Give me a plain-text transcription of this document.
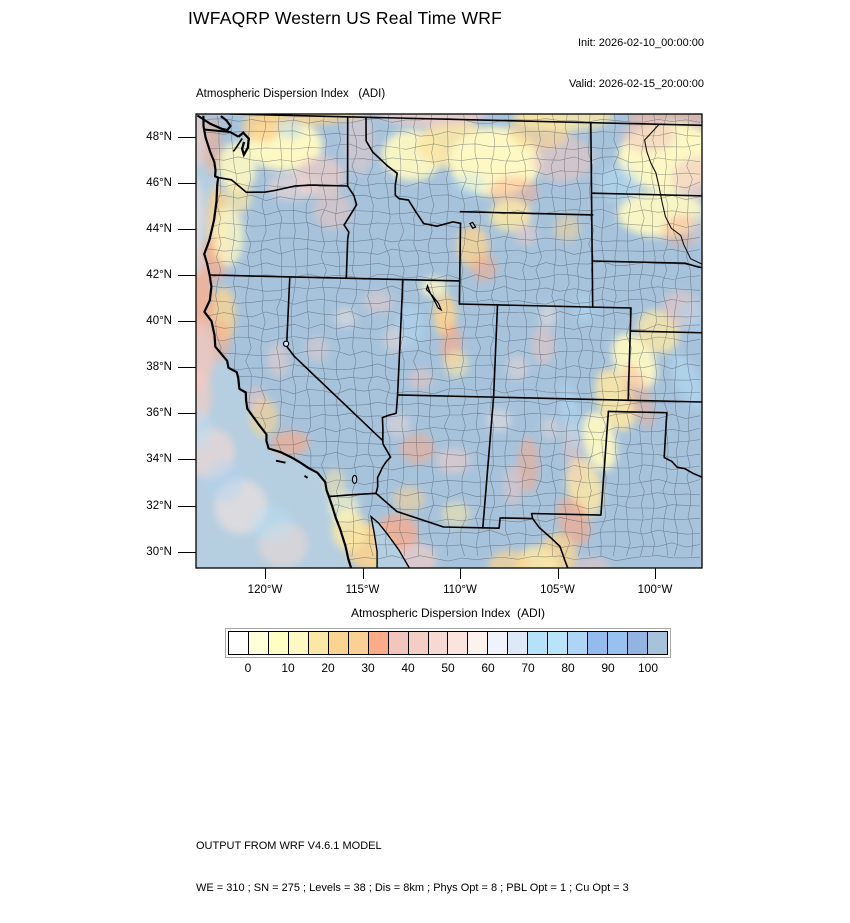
IWFAQRP Western US Real Time WRF

Init: 2026-02-10_00:00:00

Valid: 2026-02-15_20:00:00

Atmospheric Dispersion Index   (ADI)
48°N
46°N
44°N
42°N
40°N
38°N
36°N
34°N
32°N
30°N
120°W	115°W	110°W	105°W	100°W
Atmospheric Dispersion Index  (ADI)
0	10	20	30	40	50	60	70	80	90	100

OUTPUT FROM WRF V4.6.1 MODEL

WE = 310 ; SN = 275 ; Levels = 38 ; Dis = 8km ; Phys Opt = 8 ; PBL Opt = 1 ; Cu Opt = 3
